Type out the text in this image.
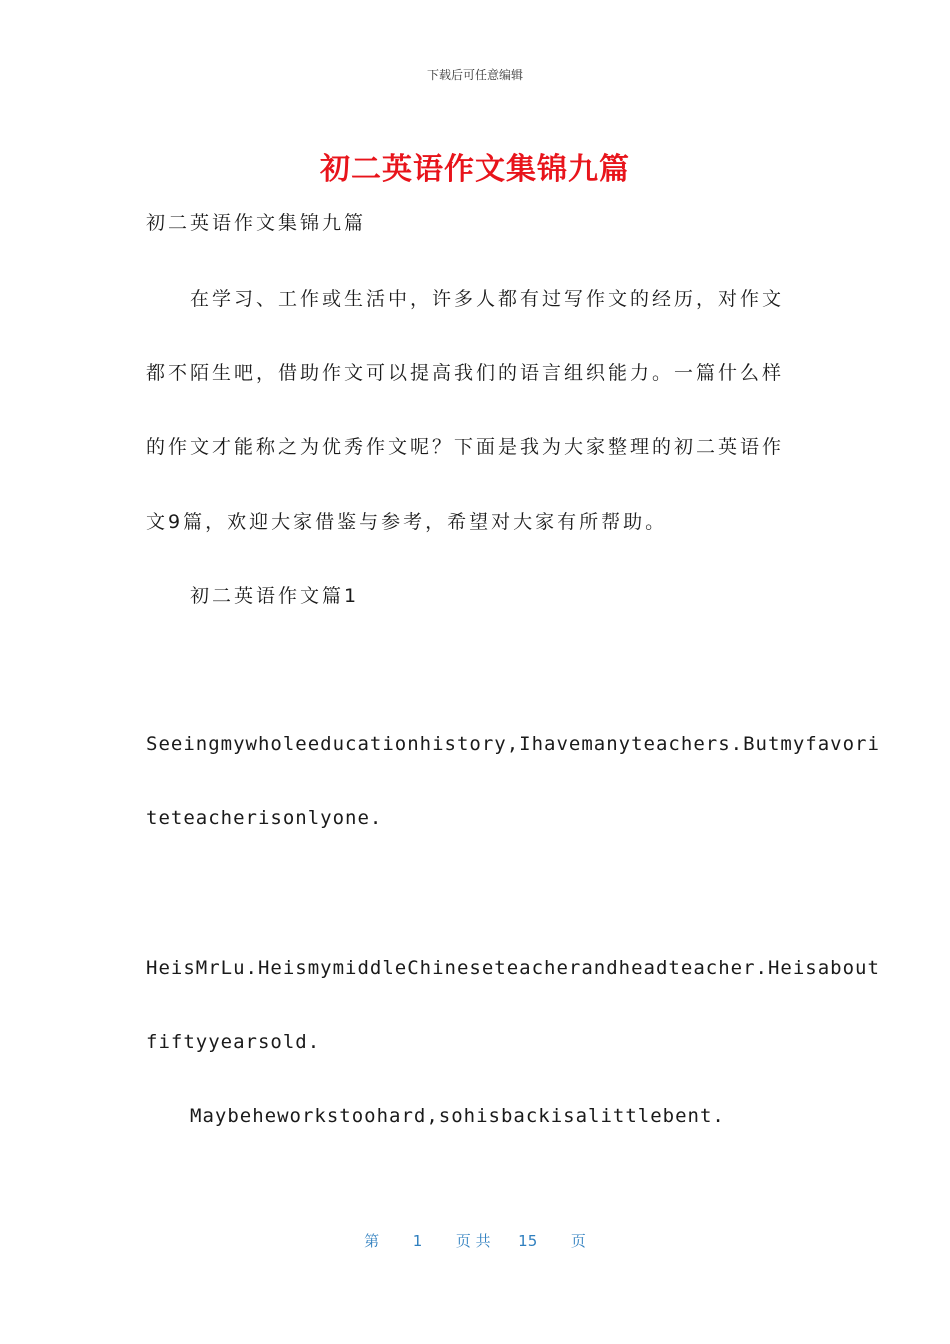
下载后可任意编辑
初二英语作文集锦九篇
初二英语作文集锦九篇
在学习、工作或生活中，许多人都有过写作文的经历，对作文
都不陌生吧，借助作文可以提高我们的语言组织能力。一篇什么样
的作文才能称之为优秀作文呢？下面是我为大家整理的初二英语作
文9篇，欢迎大家借鉴与参考，希望对大家有所帮助。
初二英语作文篇1
Seeingmywholeeducationhistory,Ihavemanyteachers.Butmyfavori
teteacherisonlyone.
HeisMrLu.HeismymiddleChineseteacherandheadteacher.Heisabout
fiftyyearsold.
Maybeheworkstoohard,sohisbackisalittlebent.
第 1 页 共 15 页
